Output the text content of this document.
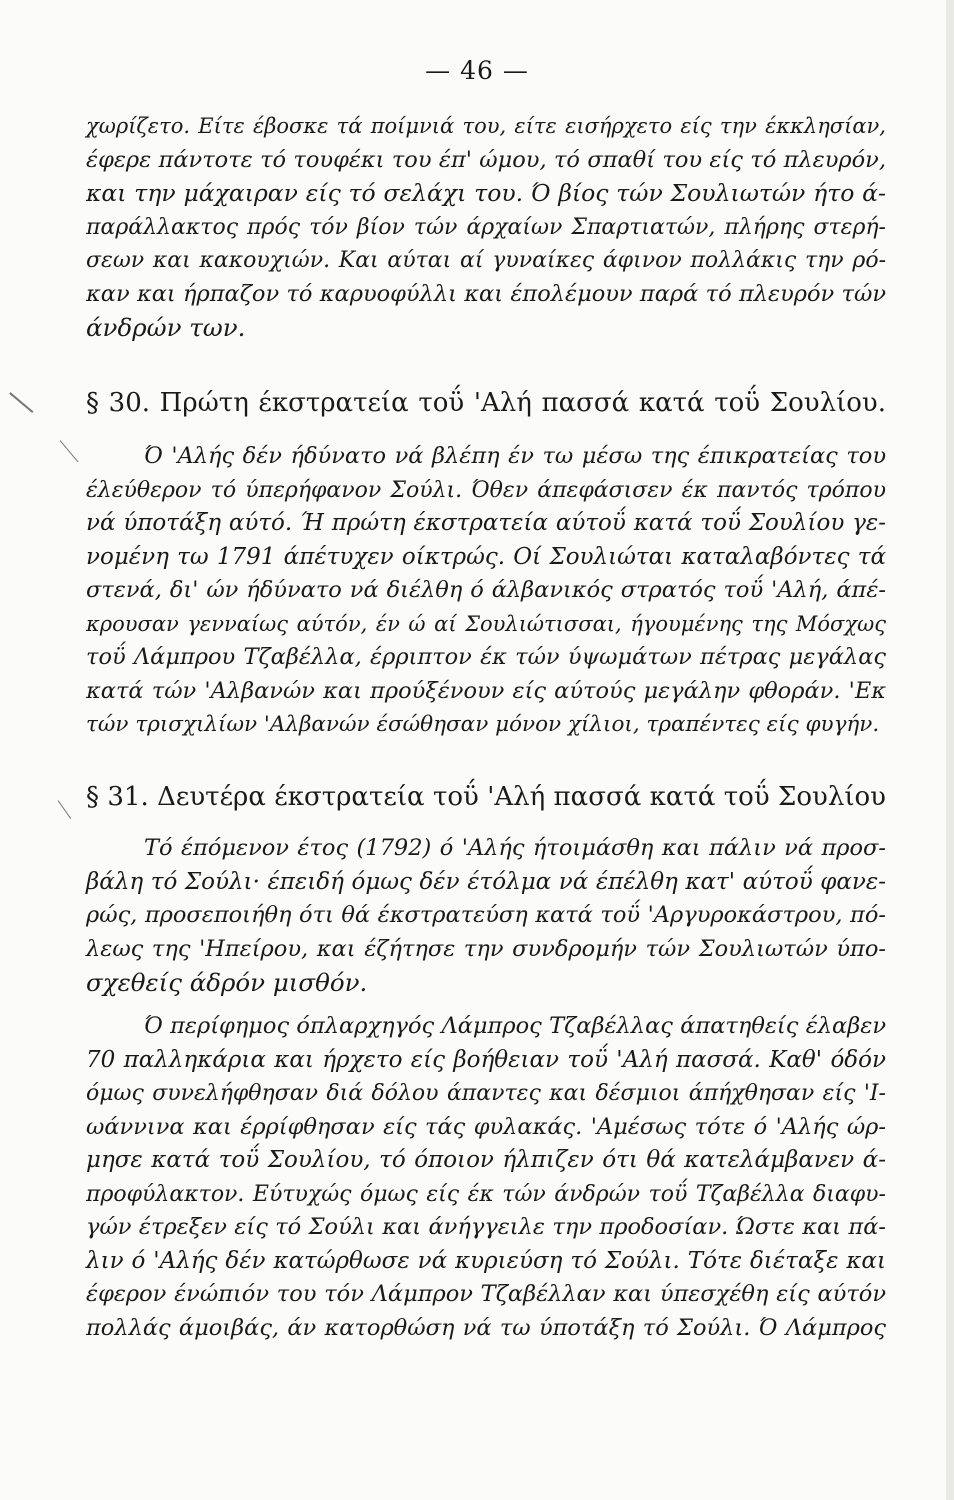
— 46 —
χωρίζετο. Είτε έβοσκε τά ποίμνιά του, είτε εισήρχετο είς την έκκλησίαν,
έφερε πάντοτε τό τουφέκι του έπ' ώμου, τό σπαθί του είς τό πλευρόν,
και την μάχαιραν είς τό σελάχι του. Ό βίος τών Σουλιωτών ήτο ά-
παράλλακτος πρός τόν βίον τών άρχαίων Σπαρτιατών, πλήρης στερή-
σεων και κακουχιών. Και αύται αί γυναίκες άφινον πολλάκις την ρό-
καν και ήρπαζον τό καρυοφύλλι και έπολέμουν παρά τό πλευρόν τών
άνδρών των.
§ 30. Πρώτη έκστρατεία τοΰ 'Αλή πασσά κατά τοΰ Σουλίου.
Ό 'Αλής δέν ήδύνατο νά βλέπη έν τω μέσω της έπικρατείας του
έλεύθερον τό ύπερήφανον Σούλι. Όθεν άπεφάσισεν έκ παντός τρόπου
νά ύποτάξη αύτό. Ή πρώτη έκστρατεία αύτοΰ κατά τοΰ Σουλίου γε-
νομένη τω 1791 άπέτυχεν οίκτρώς. Οί Σουλιώται καταλαβόντες τά
στενά, δι' ών ήδύνατο νά διέλθη ό άλβανικός στρατός τοΰ 'Αλή, άπέ-
κρουσαν γενναίως αύτόν, έν ώ αί Σουλιώτισσαι, ήγουμένης της Μόσχως
τοΰ Λάμπρου Τζαβέλλα, έρριπτον έκ τών ύψωμάτων πέτρας μεγάλας
κατά τών 'Αλβανών και προύξένουν είς αύτούς μεγάλην φθοράν. 'Εκ
τών τρισχιλίων 'Αλβανών έσώθησαν μόνον χίλιοι, τραπέντες είς φυγήν.
§ 31. Δευτέρα έκστρατεία τοΰ 'Αλή πασσά κατά τοΰ Σουλίου
Τό έπόμενον έτος (1792) ό 'Αλής ήτοιμάσθη και πάλιν νά προσ-
βάλη τό Σούλι· έπειδή όμως δέν έτόλμα νά έπέλθη κατ' αύτοΰ φανε-
ρώς, προσεποιήθη ότι θά έκστρατεύση κατά τοΰ 'Αργυροκάστρου, πό-
λεως της 'Ηπείρου, και έζήτησε την συνδρομήν τών Σουλιωτών ύπο-
σχεθείς άδρόν μισθόν.
Ό περίφημος όπλαρχηγός Λάμπρος Τζαβέλλας άπατηθείς έλαβεν
70 παλληκάρια και ήρχετο είς βοήθειαν τοΰ 'Αλή πασσά. Καθ' όδόν
όμως συνελήφθησαν διά δόλου άπαντες και δέσμιοι άπήχθησαν είς 'Ι-
ωάννινα και έρρίφθησαν είς τάς φυλακάς. 'Αμέσως τότε ό 'Αλής ώρ-
μησε κατά τοΰ Σουλίου, τό όποιον ήλπιζεν ότι θά κατελάμβανεν ά-
προφύλακτον. Εύτυχώς όμως είς έκ τών άνδρών τοΰ Τζαβέλλα διαφυ-
γών έτρεξεν είς τό Σούλι και άνήγγειλε την προδοσίαν. Ώστε και πά-
λιν ό 'Αλής δέν κατώρθωσε νά κυριεύση τό Σούλι. Τότε διέταξε και
έφερον ένώπιόν του τόν Λάμπρον Τζαβέλλαν και ύπεσχέθη είς αύτόν
πολλάς άμοιβάς, άν κατορθώση νά τω ύποτάξη τό Σούλι. Ό Λάμπρος
